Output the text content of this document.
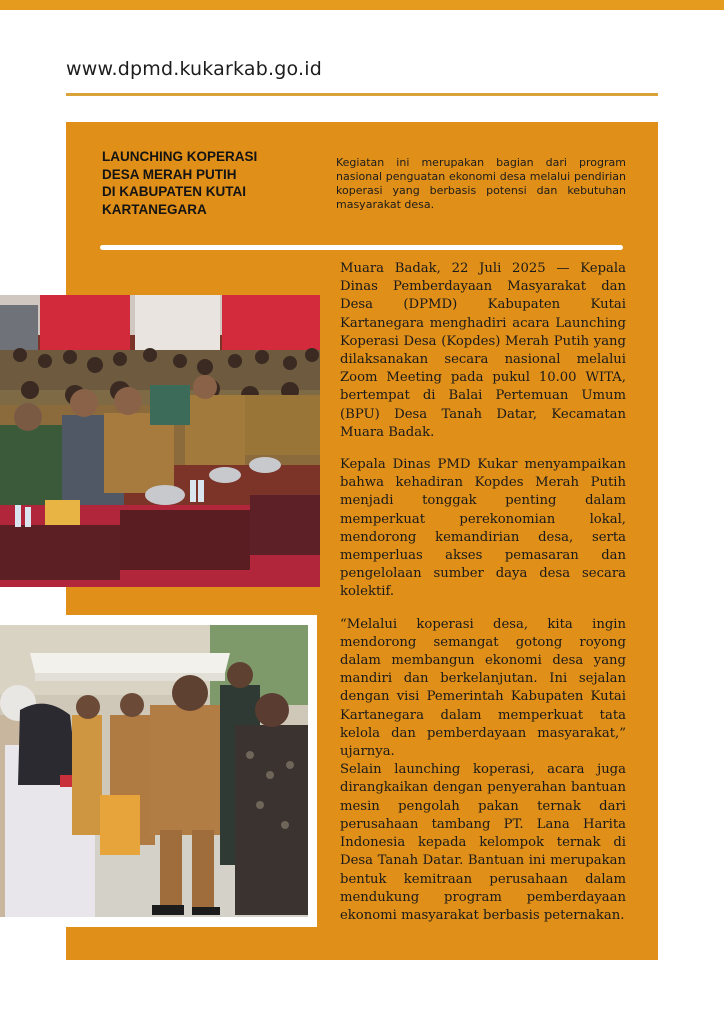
www.dpmd.kukarkab.go.id
LAUNCHING KOPERASI
DESA MERAH PUTIH
DI KABUPATEN KUTAI
KARTANEGARA

Kegiatan ini merupakan bagian dari program nasional penguatan ekonomi desa melalui pendirian koperasi yang berbasis potensi dan kebutuhan masyarakat desa.

Muara Badak, 22 Juli 2025 — Kepala Dinas Pemberdayaan Masyarakat dan Desa (DPMD) Kabupaten Kutai Kartanegara menghadiri acara Launching Koperasi Desa (Kopdes) Merah Putih yang dilaksanakan secara nasional melalui Zoom Meeting pada pukul 10.00 WITA, bertempat di Balai Pertemuan Umum (BPU) Desa Tanah Datar, Kecamatan Muara Badak.

Kepala Dinas PMD Kukar menyampaikan bahwa kehadiran Kopdes Merah Putih menjadi tonggak penting dalam memperkuat perekonomian lokal, mendorong kemandirian desa, serta memperluas akses pemasaran dan pengelolaan sumber daya desa secara kolektif.

“Melalui koperasi desa, kita ingin mendorong semangat gotong royong dalam membangun ekonomi desa yang mandiri dan berkelanjutan. Ini sejalan dengan visi Pemerintah Kabupaten Kutai Kartanegara dalam memperkuat tata kelola dan pemberdayaan masyarakat,” ujarnya.

Selain launching koperasi, acara juga dirangkaikan dengan penyerahan bantuan mesin pengolah pakan ternak dari perusahaan tambang PT. Lana Harita Indonesia kepada kelompok ternak di Desa Tanah Datar. Bantuan ini merupakan bentuk kemitraan perusahaan dalam mendukung program pemberdayaan ekonomi masyarakat berbasis peternakan.
